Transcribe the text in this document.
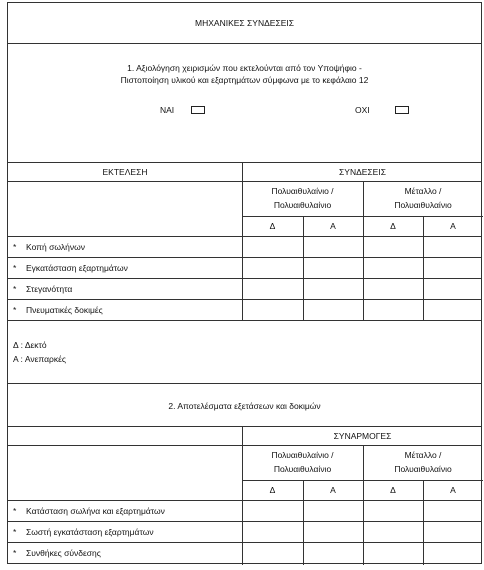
ΜΗΧΑΝΙΚΕΣ ΣΥΝΔΕΣΕΙΣ
1. Αξιολόγηση χειρισμών που εκτελούνται από τον Υποψήφιο -
Πιστοποίηση υλικού και εξαρτημάτων σύμφωνα με το κεφάλαιο 12
ΝΑΙ	ΟΧΙ
ΕΚΤΕΛΕΣΗ	ΣΥΝΔΕΣΕΙΣ
Πολυαιθυλαίνιο /
Πολυαιθυλαίνιο
Μέταλλο /
Πολυαιθυλαίνιο
Δ	Α	Δ	Α
* Κοπή σωλήνων
* Εγκατάσταση εξαρτημάτων
* Στεγανότητα
* Πνευματικές δοκιμές
Δ : Δεκτό
Α : Ανεπαρκές
2. Αποτελέσματα εξετάσεων και δοκιμών
ΣΥΝΑΡΜΟΓΕΣ
Πολυαιθυλαίνιο /
Πολυαιθυλαίνιο
Μέταλλο /
Πολυαιθυλαίνιο
Δ	Α	Δ	Α
* Κατάσταση σωλήνα και εξαρτημάτων
* Σωστή εγκατάσταση εξαρτημάτων
* Συνθήκες σύνδεσης
